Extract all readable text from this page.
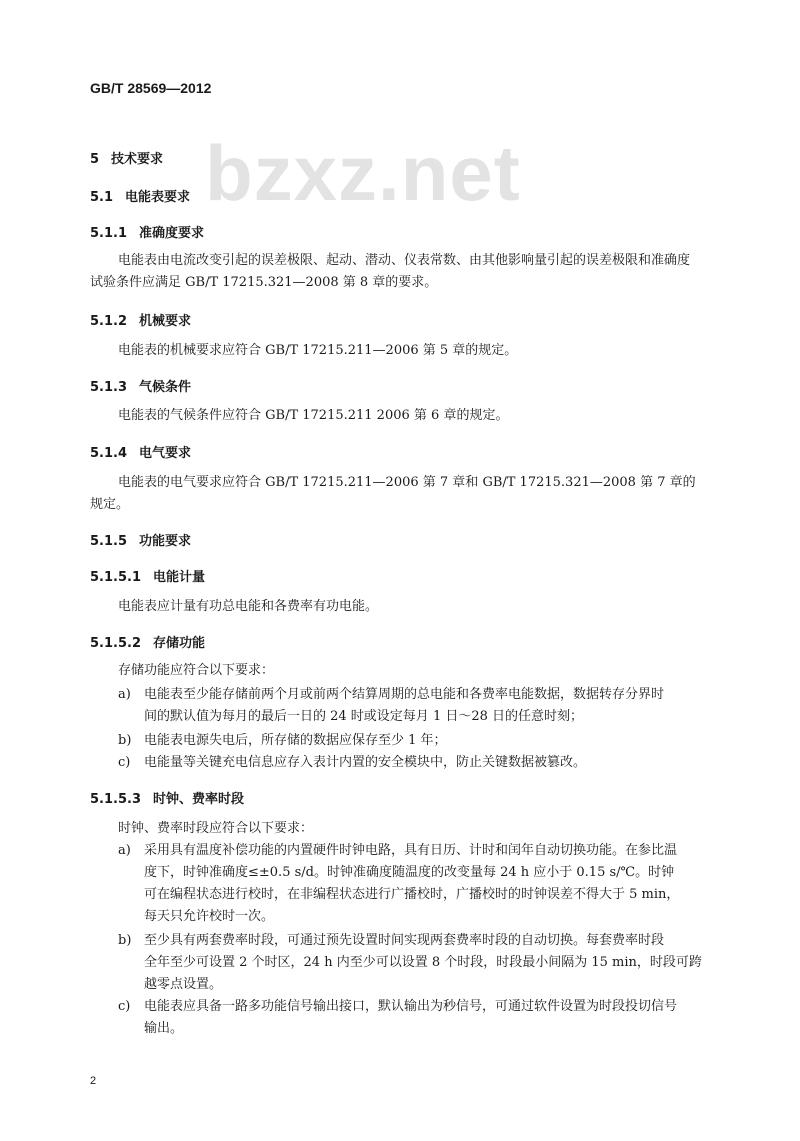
GB/T 28569—2012
bzxz.net
5 技术要求
5.1 电能表要求
5.1.1 准确度要求
电能表由电流改变引起的误差极限、起动、潜动、仪表常数、由其他影响量引起的误差极限和准确度
试验条件应满足 GB/T 17215.321—2008 第 8 章的要求。
5.1.2 机械要求
电能表的机械要求应符合 GB/T 17215.211—2006 第 5 章的规定。
5.1.3 气候条件
电能表的气候条件应符合 GB/T 17215.211 2006 第 6 章的规定。
5.1.4 电气要求
电能表的电气要求应符合 GB/T 17215.211—2006 第 7 章和 GB/T 17215.321—2008 第 7 章的
规定。
5.1.5 功能要求
5.1.5.1 电能计量
电能表应计量有功总电能和各费率有功电能。
5.1.5.2 存储功能
存储功能应符合以下要求：
a) 电能表至少能存储前两个月或前两个结算周期的总电能和各费率电能数据，数据转存分界时
间的默认值为每月的最后一日的 24 时或设定每月 1 日～28 日的任意时刻；
b) 电能表电源失电后，所存储的数据应保存至少 1 年；
c) 电能量等关键充电信息应存入表计内置的安全模块中，防止关键数据被篡改。
5.1.5.3 时钟、费率时段
时钟、费率时段应符合以下要求：
a) 采用具有温度补偿功能的内置硬件时钟电路，具有日历、计时和闰年自动切换功能。在参比温
度下，时钟准确度≤±0.5 s/d。时钟准确度随温度的改变量每 24 h 应小于 0.15 s/℃。时钟
可在编程状态进行校时，在非编程状态进行广播校时，广播校时的时钟误差不得大于 5 min，
每天只允许校时一次。
b) 至少具有两套费率时段，可通过预先设置时间实现两套费率时段的自动切换。每套费率时段
全年至少可设置 2 个时区，24 h 内至少可以设置 8 个时段，时段最小间隔为 15 min，时段可跨
越零点设置。
c) 电能表应具备一路多功能信号输出接口，默认输出为秒信号，可通过软件设置为时段投切信号
输出。
2
